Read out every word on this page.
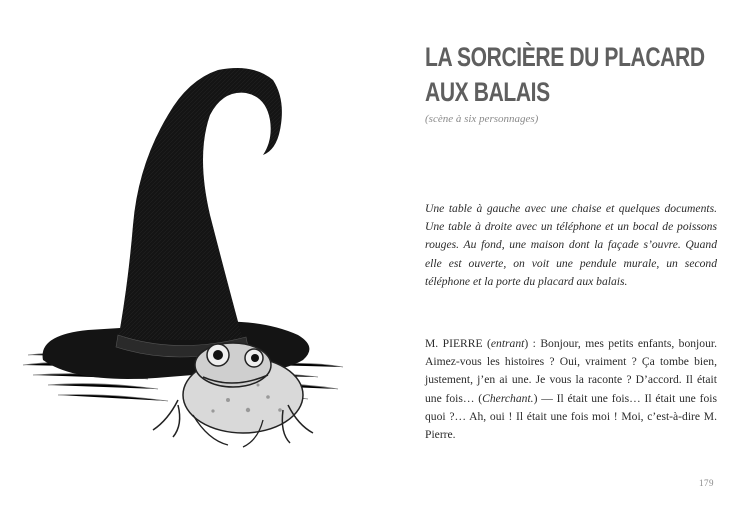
LA SORCIÈRE DU PLACARD
AUX BALAIS
(scène à six personnages)
Une table à gauche avec une chaise et quelques documents. Une table à droite avec un téléphone et un bocal de poissons rouges. Au fond, une maison dont la façade s’ouvre. Quand elle est ouverte, on voit une pendule murale, un second téléphone et la porte du placard aux balais.
M. PIERRE (entrant) : Bonjour, mes petits enfants, bonjour. Aimez-vous les histoires ? Oui, vraiment ? Ça tombe bien, justement, j’en ai une. Je vous la raconte ? D’accord. Il était une fois… (Cherchant.) — Il était une fois… Il était une fois quoi ?… Ah, oui ! Il était une fois moi ! Moi, c’est-à-dire M. Pierre.
179
